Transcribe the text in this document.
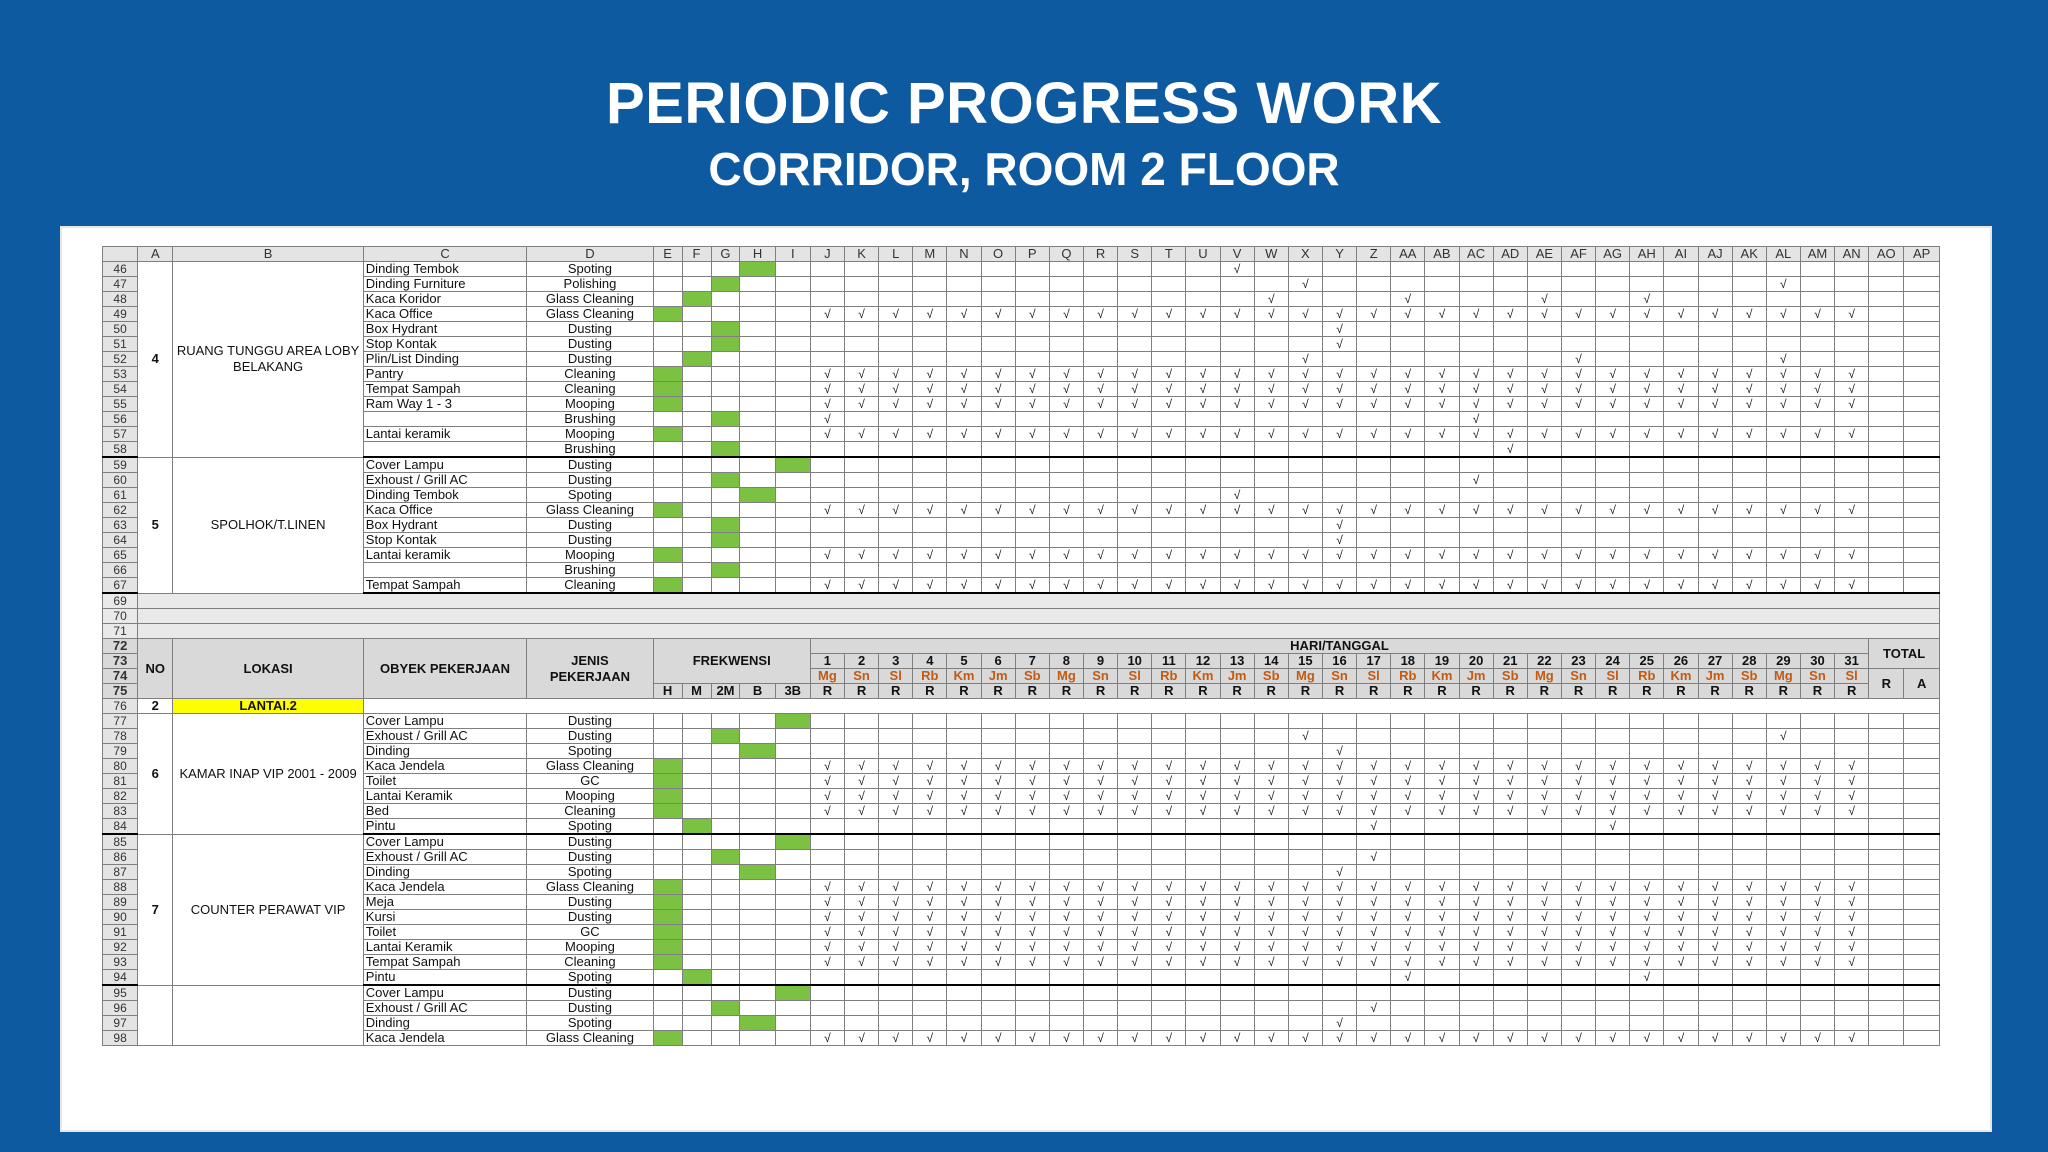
PERIODIC PROGRESS WORK
CORRIDOR, ROOM 2 FLOOR
	A	B	C	D	E	F	G	H	I	J	K	L	M	N	O	P	Q	R	S	T	U	V	W	X	Y	Z	AA	AB	AC	AD	AE	AF	AG	AH	AI	AJ	AK	AL	AM	AN	AO	AP
46	4	RUANG TUNGGU AREA LOBY BELAKANG	Dinding Tembok	Spoting																		√																				
47			Dinding Furniture	Polishing																				√														√				
48			Kaca Koridor	Glass Cleaning																			√				√				√			√								
49			Kaca Office	Glass Cleaning						√	√	√	√	√	√	√	√	√	√	√	√	√	√	√	√	√	√	√	√	√	√	√	√	√	√	√	√	√	√	√		
50			Box Hydrant	Dusting																					√																	
51			Stop Kontak	Dusting																					√																	
52			Plin/List Dinding	Dusting																				√								√						√				
53			Pantry	Cleaning						√	√	√	√	√	√	√	√	√	√	√	√	√	√	√	√	√	√	√	√	√	√	√	√	√	√	√	√	√	√	√		
54			Tempat Sampah	Cleaning						√	√	√	√	√	√	√	√	√	√	√	√	√	√	√	√	√	√	√	√	√	√	√	√	√	√	√	√	√	√	√		
55			Ram Way 1 - 3	Mooping						√	√	√	√	√	√	√	√	√	√	√	√	√	√	√	√	√	√	√	√	√	√	√	√	√	√	√	√	√	√	√		
56				Brushing						√																			√													
57			Lantai keramik	Mooping						√	√	√	√	√	√	√	√	√	√	√	√	√	√	√	√	√	√	√	√	√	√	√	√	√	√	√	√	√	√	√		
58				Brushing																										√												
59	5	SPOLHOK/T.LINEN	Cover Lampu	Dusting																																						
60			Exhoust / Grill AC	Dusting																									√													
61			Dinding Tembok	Spoting																		√																				
62			Kaca Office	Glass Cleaning						√	√	√	√	√	√	√	√	√	√	√	√	√	√	√	√	√	√	√	√	√	√	√	√	√	√	√	√	√	√	√		
63			Box Hydrant	Dusting																					√																	
64			Stop Kontak	Dusting																					√																	
65			Lantai keramik	Mooping						√	√	√	√	√	√	√	√	√	√	√	√	√	√	√	√	√	√	√	√	√	√	√	√	√	√	√	√	√	√	√		
66				Brushing																																						
67			Tempat Sampah	Cleaning						√	√	√	√	√	√	√	√	√	√	√	√	√	√	√	√	√	√	√	√	√	√	√	√	√	√	√	√	√	√	√		
69																																										
70																																										
71																																										
72	NO	LOKASI	OBYEK PEKERJAAN	JENIS PEKERJAAN	FREKWENSI					HARI/TANGGAL																															TOTAL	
73										1	2	3	4	5	6	7	8	9	10	11	12	13	14	15	16	17	18	19	20	21	22	23	24	25	26	27	28	29	30	31		
74										Mg	Sn	Sl	Rb	Km	Jm	Sb	Mg	Sn	Sl	Rb	Km	Jm	Sb	Mg	Sn	Sl	Rb	Km	Jm	Sb	Mg	Sn	Sl	Rb	Km	Jm	Sb	Mg	Sn	Sl	R	A
75					H	M	2M	B	3B	R	R	R	R	R	R	R	R	R	R	R	R	R	R	R	R	R	R	R	R	R	R	R	R	R	R	R	R	R	R	R		
76	2	LANTAI.2																																								
77	6	KAMAR INAP VIP 2001 - 2009	Cover Lampu	Dusting																																						
78			Exhoust / Grill AC	Dusting																				√														√				
79			Dinding	Spoting																					√																	
80			Kaca Jendela	Glass Cleaning						√	√	√	√	√	√	√	√	√	√	√	√	√	√	√	√	√	√	√	√	√	√	√	√	√	√	√	√	√	√	√		
81			Toilet	GC						√	√	√	√	√	√	√	√	√	√	√	√	√	√	√	√	√	√	√	√	√	√	√	√	√	√	√	√	√	√	√		
82			Lantai Keramik	Mooping						√	√	√	√	√	√	√	√	√	√	√	√	√	√	√	√	√	√	√	√	√	√	√	√	√	√	√	√	√	√	√		
83			Bed	Cleaning						√	√	√	√	√	√	√	√	√	√	√	√	√	√	√	√	√	√	√	√	√	√	√	√	√	√	√	√	√	√	√		
84			Pintu	Spoting																						√							√									
85	7	COUNTER PERAWAT VIP	Cover Lampu	Dusting																																						
86			Exhoust / Grill AC	Dusting																						√																
87			Dinding	Spoting																					√																	
88			Kaca Jendela	Glass Cleaning						√	√	√	√	√	√	√	√	√	√	√	√	√	√	√	√	√	√	√	√	√	√	√	√	√	√	√	√	√	√	√		
89			Meja	Dusting						√	√	√	√	√	√	√	√	√	√	√	√	√	√	√	√	√	√	√	√	√	√	√	√	√	√	√	√	√	√	√		
90			Kursi	Dusting						√	√	√	√	√	√	√	√	√	√	√	√	√	√	√	√	√	√	√	√	√	√	√	√	√	√	√	√	√	√	√		
91			Toilet	GC						√	√	√	√	√	√	√	√	√	√	√	√	√	√	√	√	√	√	√	√	√	√	√	√	√	√	√	√	√	√	√		
92			Lantai Keramik	Mooping						√	√	√	√	√	√	√	√	√	√	√	√	√	√	√	√	√	√	√	√	√	√	√	√	√	√	√	√	√	√	√		
93			Tempat Sampah	Cleaning						√	√	√	√	√	√	√	√	√	√	√	√	√	√	√	√	√	√	√	√	√	√	√	√	√	√	√	√	√	√	√		
94			Pintu	Spoting																							√							√								
95			Cover Lampu	Dusting																																						
96			Exhoust / Grill AC	Dusting																						√																
97			Dinding	Spoting																					√																	
98			Kaca Jendela	Glass Cleaning						√	√	√	√	√	√	√	√	√	√	√	√	√	√	√	√	√	√	√	√	√	√	√	√	√	√	√	√	√	√	√		
